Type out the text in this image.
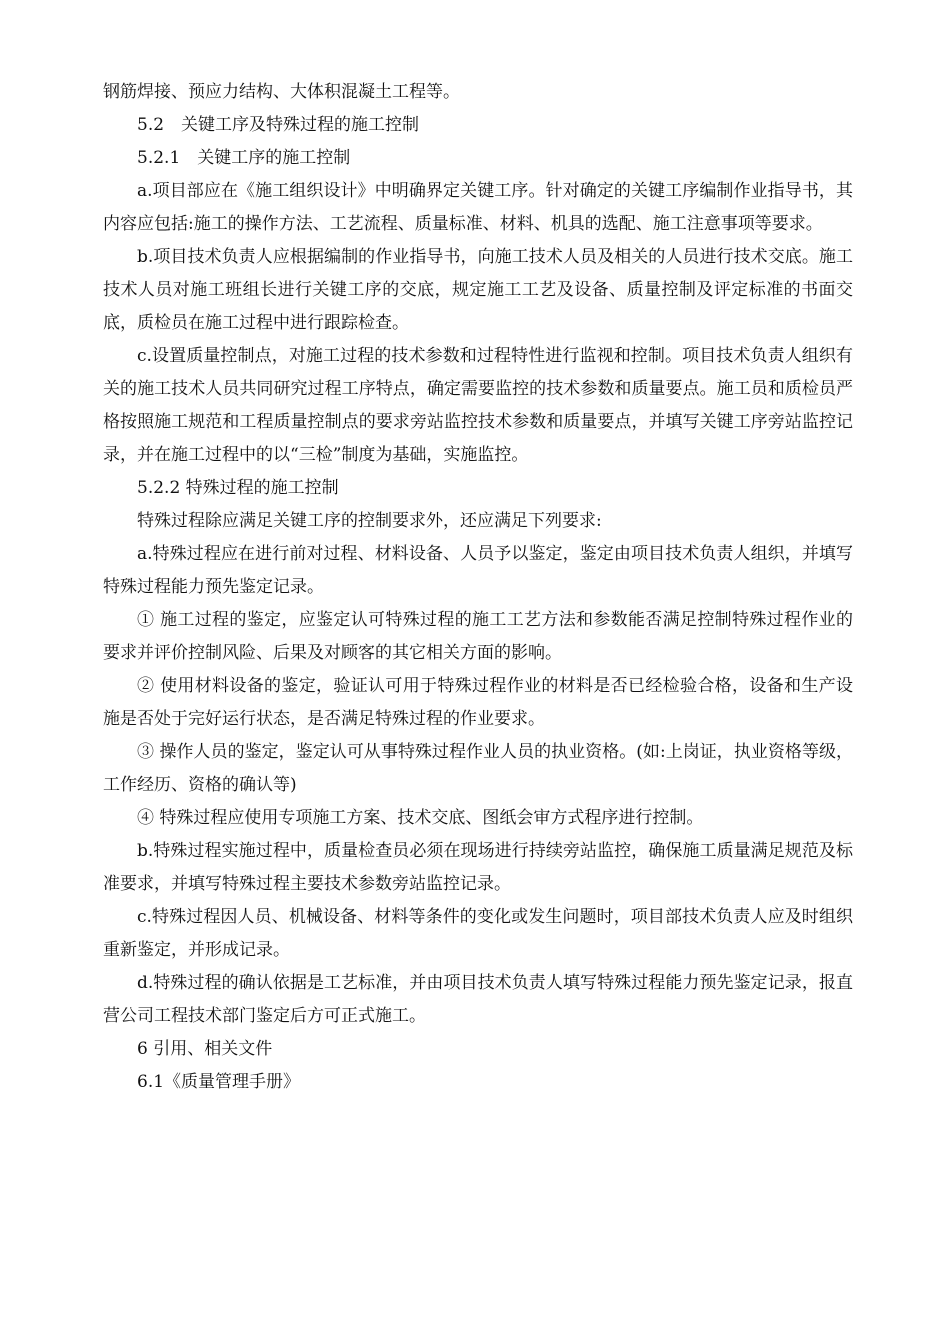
钢筋焊接、预应力结构、大体积混凝土工程等。

5.2　关键工序及特殊过程的施工控制

5.2.1　关键工序的施工控制

a.项目部应在《施工组织设计》中明确界定关键工序。针对确定的关键工序编制作业指导书，其内容应包括:施工的操作方法、工艺流程、质量标准、材料、机具的选配、施工注意事项等要求。

b.项目技术负责人应根据编制的作业指导书，向施工技术人员及相关的人员进行技术交底。施工技术人员对施工班组长进行关键工序的交底，规定施工工艺及设备、质量控制及评定标准的书面交底，质检员在施工过程中进行跟踪检查。

c.设置质量控制点，对施工过程的技术参数和过程特性进行监视和控制。项目技术负责人组织有关的施工技术人员共同研究过程工序特点，确定需要监控的技术参数和质量要点。施工员和质检员严格按照施工规范和工程质量控制点的要求旁站监控技术参数和质量要点，并填写关键工序旁站监控记录，并在施工过程中的以“三检”制度为基础，实施监控。

5.2.2 特殊过程的施工控制

特殊过程除应满足关键工序的控制要求外，还应满足下列要求:

a.特殊过程应在进行前对过程、材料设备、人员予以鉴定，鉴定由项目技术负责人组织，并填写特殊过程能力预先鉴定记录。

① 施工过程的鉴定，应鉴定认可特殊过程的施工工艺方法和参数能否满足控制特殊过程作业的要求并评价控制风险、后果及对顾客的其它相关方面的影响。

② 使用材料设备的鉴定，验证认可用于特殊过程作业的材料是否已经检验合格，设备和生产设施是否处于完好运行状态，是否满足特殊过程的作业要求。

③ 操作人员的鉴定，鉴定认可从事特殊过程作业人员的执业资格。(如:上岗证，执业资格等级，工作经历、资格的确认等)

④ 特殊过程应使用专项施工方案、技术交底、图纸会审方式程序进行控制。

b.特殊过程实施过程中，质量检查员必须在现场进行持续旁站监控，确保施工质量满足规范及标准要求，并填写特殊过程主要技术参数旁站监控记录。

c.特殊过程因人员、机械设备、材料等条件的变化或发生问题时，项目部技术负责人应及时组织重新鉴定，并形成记录。

d.特殊过程的确认依据是工艺标准，并由项目技术负责人填写特殊过程能力预先鉴定记录，报直营公司工程技术部门鉴定后方可正式施工。

6 引用、相关文件

6.1《质量管理手册》
